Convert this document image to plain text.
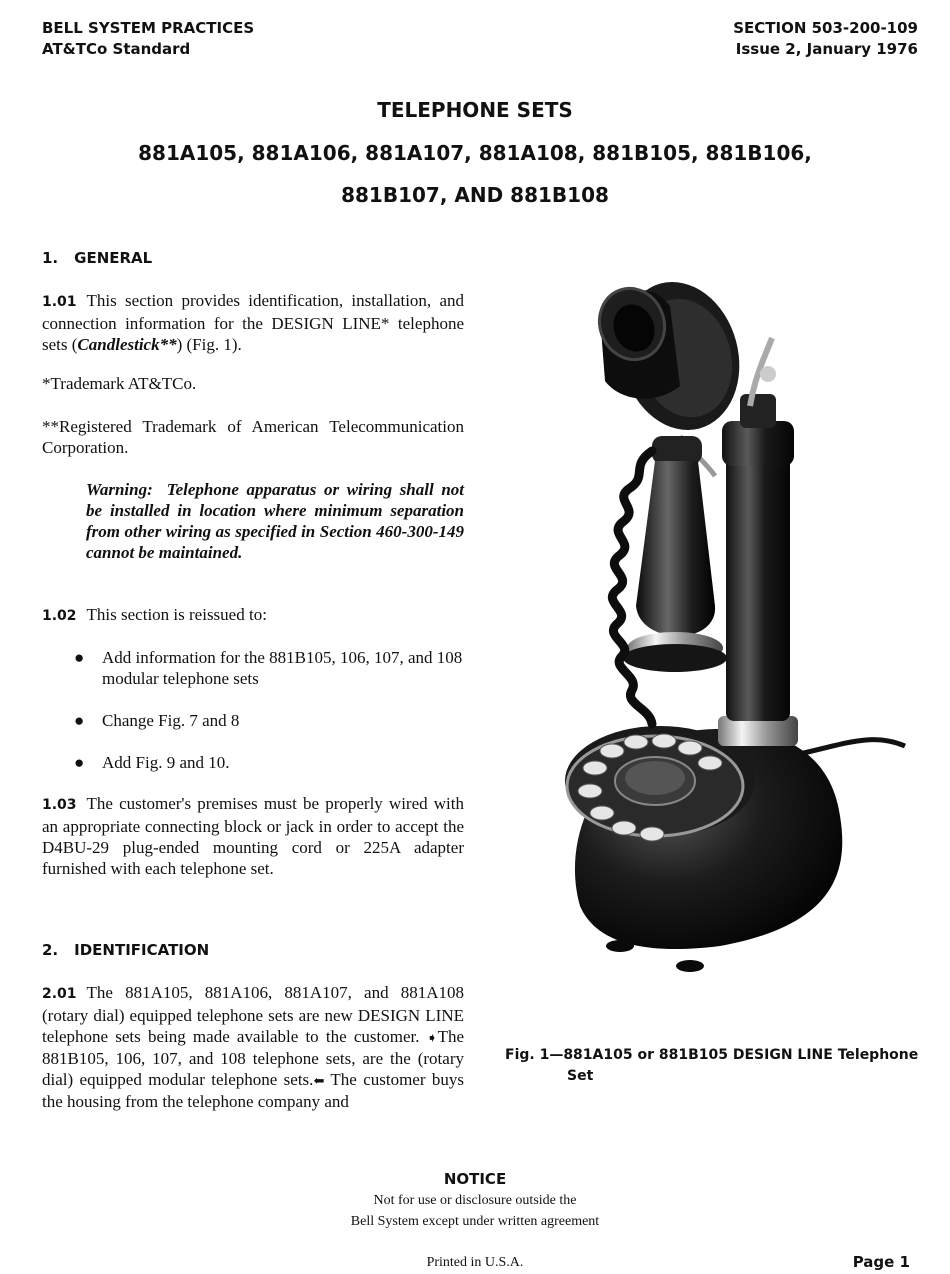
BELL SYSTEM PRACTICES
AT&TCo Standard
SECTION 503-200-109
Issue 2, January 1976
TELEPHONE SETS
881A105, 881A106, 881A107, 881A108, 881B105, 881B106,
881B107, AND 881B108
1. GENERAL

1.01 This section provides identification, installation, and connection information for the DESIGN LINE* telephone sets (Candlestick**) (Fig. 1).

*Trademark AT&TCo.
**Registered Trademark of American Telecommunication Corporation.
Warning: Telephone apparatus or wiring shall not be installed in location where minimum separation from other wiring as specified in Section 460-300-149 cannot be maintained.
1.02 This section is reissued to:
● Add information for the 881B105, 106, 107, and 108 modular telephone sets
● Change Fig. 7 and 8
● Add Fig. 9 and 10.
1.03 The customer's premises must be properly wired with an appropriate connecting block or jack in order to accept the D4BU-29 plug-ended mounting cord or 225A adapter furnished with each telephone set.
2. IDENTIFICATION
2.01 The 881A105, 881A106, 881A107, and 881A108 (rotary dial) equipped telephone sets are new DESIGN LINE telephone sets being made available to the customer. ➧The 881B105, 106, 107, and 108 telephone sets, are the (rotary dial) equipped modular telephone sets.⬅ The customer buys the housing from the telephone company and
Fig. 1—881A105 or 881B105 DESIGN LINE Telephone
Set
NOTICE
Not for use or disclosure outside the
Bell System except under written agreement
Printed in U.S.A.	Page 1
